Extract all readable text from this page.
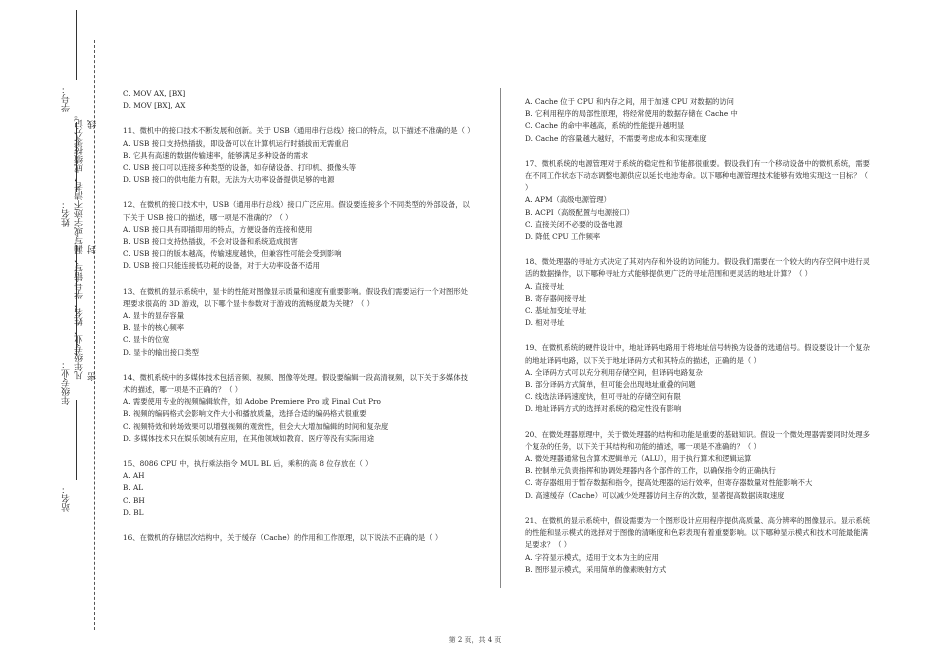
学号：
姓名：
年级专业：
站名：
凡年级专业、姓名、学号错写、漏写或字迹不清者，成绩按零分记。 线
封
密
C. MOV AX, [BX]
D. MOV [BX], AX

11、微机中的接口技术不断发展和创新。关于 USB（通用串行总线）接口的特点，以下描述不准确的是（ ）

A. USB 接口支持热插拔，即设备可以在计算机运行时插拔而无需重启
B. 它具有高速的数据传输速率，能够满足多种设备的需求
C. USB 接口可以连接多种类型的设备，如存储设备、打印机、摄像头等
D. USB 接口的供电能力有限，无法为大功率设备提供足够的电源

12、在微机的接口技术中，USB（通用串行总线）接口广泛应用。假设要连接多个不同类型的外部设备，以下关于 USB 接口的描述，哪一项是不准确的？（ ）

A. USB 接口具有即插即用的特点，方便设备的连接和使用
B. USB 接口支持热插拔，不会对设备和系统造成损害
C. USB 接口的版本越高，传输速度越快，但兼容性可能会受到影响
D. USB 接口只能连接低功耗的设备，对于大功率设备不适用

13、在微机的显示系统中，显卡的性能对图像显示质量和速度有重要影响。假设我们需要运行一个对图形处理要求很高的 3D 游戏，以下哪个显卡参数对于游戏的流畅度最为关键？（ ）

A. 显卡的显存容量
B. 显卡的核心频率
C. 显卡的位宽
D. 显卡的输出接口类型

14、微机系统中的多媒体技术包括音频、视频、图像等处理。假设要编辑一段高清视频，以下关于多媒体技术的描述，哪一项是不正确的？（ ）

A. 需要使用专业的视频编辑软件，如 Adobe Premiere Pro 或 Final Cut Pro
B. 视频的编码格式会影响文件大小和播放质量，选择合适的编码格式很重要
C. 视频特效和转场效果可以增强视频的观赏性，但会大大增加编辑的时间和复杂度
D. 多媒体技术只在娱乐领域有应用，在其他领域如教育、医疗等没有实际用途

15、8086 CPU 中，执行乘法指令 MUL BL 后，乘积的高 8 位存放在（ ）

A. AH
B. AL
C. BH
D. BL

16、在微机的存储层次结构中，关于缓存（Cache）的作用和工作原理，以下说法不正确的是（ ）

A. Cache 位于 CPU 和内存之间，用于加速 CPU 对数据的访问
B. 它利用程序的局部性原理，将经常使用的数据存储在 Cache 中
C. Cache 的命中率越高，系统的性能提升越明显
D. Cache 的容量越大越好，不需要考虑成本和实现难度

17、微机系统的电源管理对于系统的稳定性和节能都很重要。假设我们有一个移动设备中的微机系统，需要在不同工作状态下动态调整电源供应以延长电池寿命。以下哪种电源管理技术能够有效地实现这一目标？（ ）

A. APM（高级电源管理）
B. ACPI（高级配置与电源接口）
C. 直接关闭不必要的设备电源
D. 降低 CPU 工作频率

18、微处理器的寻址方式决定了其对内存和外设的访问能力。假设我们需要在一个较大的内存空间中进行灵活的数据操作，以下哪种寻址方式能够提供更广泛的寻址范围和更灵活的地址计算？（ ）

A. 直接寻址
B. 寄存器间接寻址
C. 基址加变址寻址
D. 相对寻址

19、在微机系统的硬件设计中，地址译码电路用于将地址信号转换为设备的选通信号。假设要设计一个复杂的地址译码电路，以下关于地址译码方式和其特点的描述，正确的是（ ）

A. 全译码方式可以充分利用存储空间，但译码电路复杂
B. 部分译码方式简单，但可能会出现地址重叠的问题
C. 线选法译码速度快，但可寻址的存储空间有限
D. 地址译码方式的选择对系统的稳定性没有影响

20、在微处理器原理中，关于微处理器的结构和功能是重要的基础知识。假设一个微处理器需要同时处理多个复杂的任务，以下关于其结构和功能的描述，哪一项是不准确的？（ ）

A. 微处理器通常包含算术逻辑单元（ALU），用于执行算术和逻辑运算
B. 控制单元负责指挥和协调处理器内各个部件的工作，以确保指令的正确执行
C. 寄存器组用于暂存数据和指令，提高处理器的运行效率，但寄存器数量对性能影响不大
D. 高速缓存（Cache）可以减少处理器访问主存的次数，显著提高数据读取速度

21、在微机的显示系统中，假设需要为一个图形设计应用程序提供高质量、高分辨率的图像显示。显示系统的性能和显示模式的选择对于图像的清晰度和色彩表现有着重要影响。以下哪种显示模式和技术可能最能满足要求？（ ）

A. 字符显示模式，适用于文本为主的应用
B. 图形显示模式，采用简单的像素映射方式
第 2 页，共 4 页
